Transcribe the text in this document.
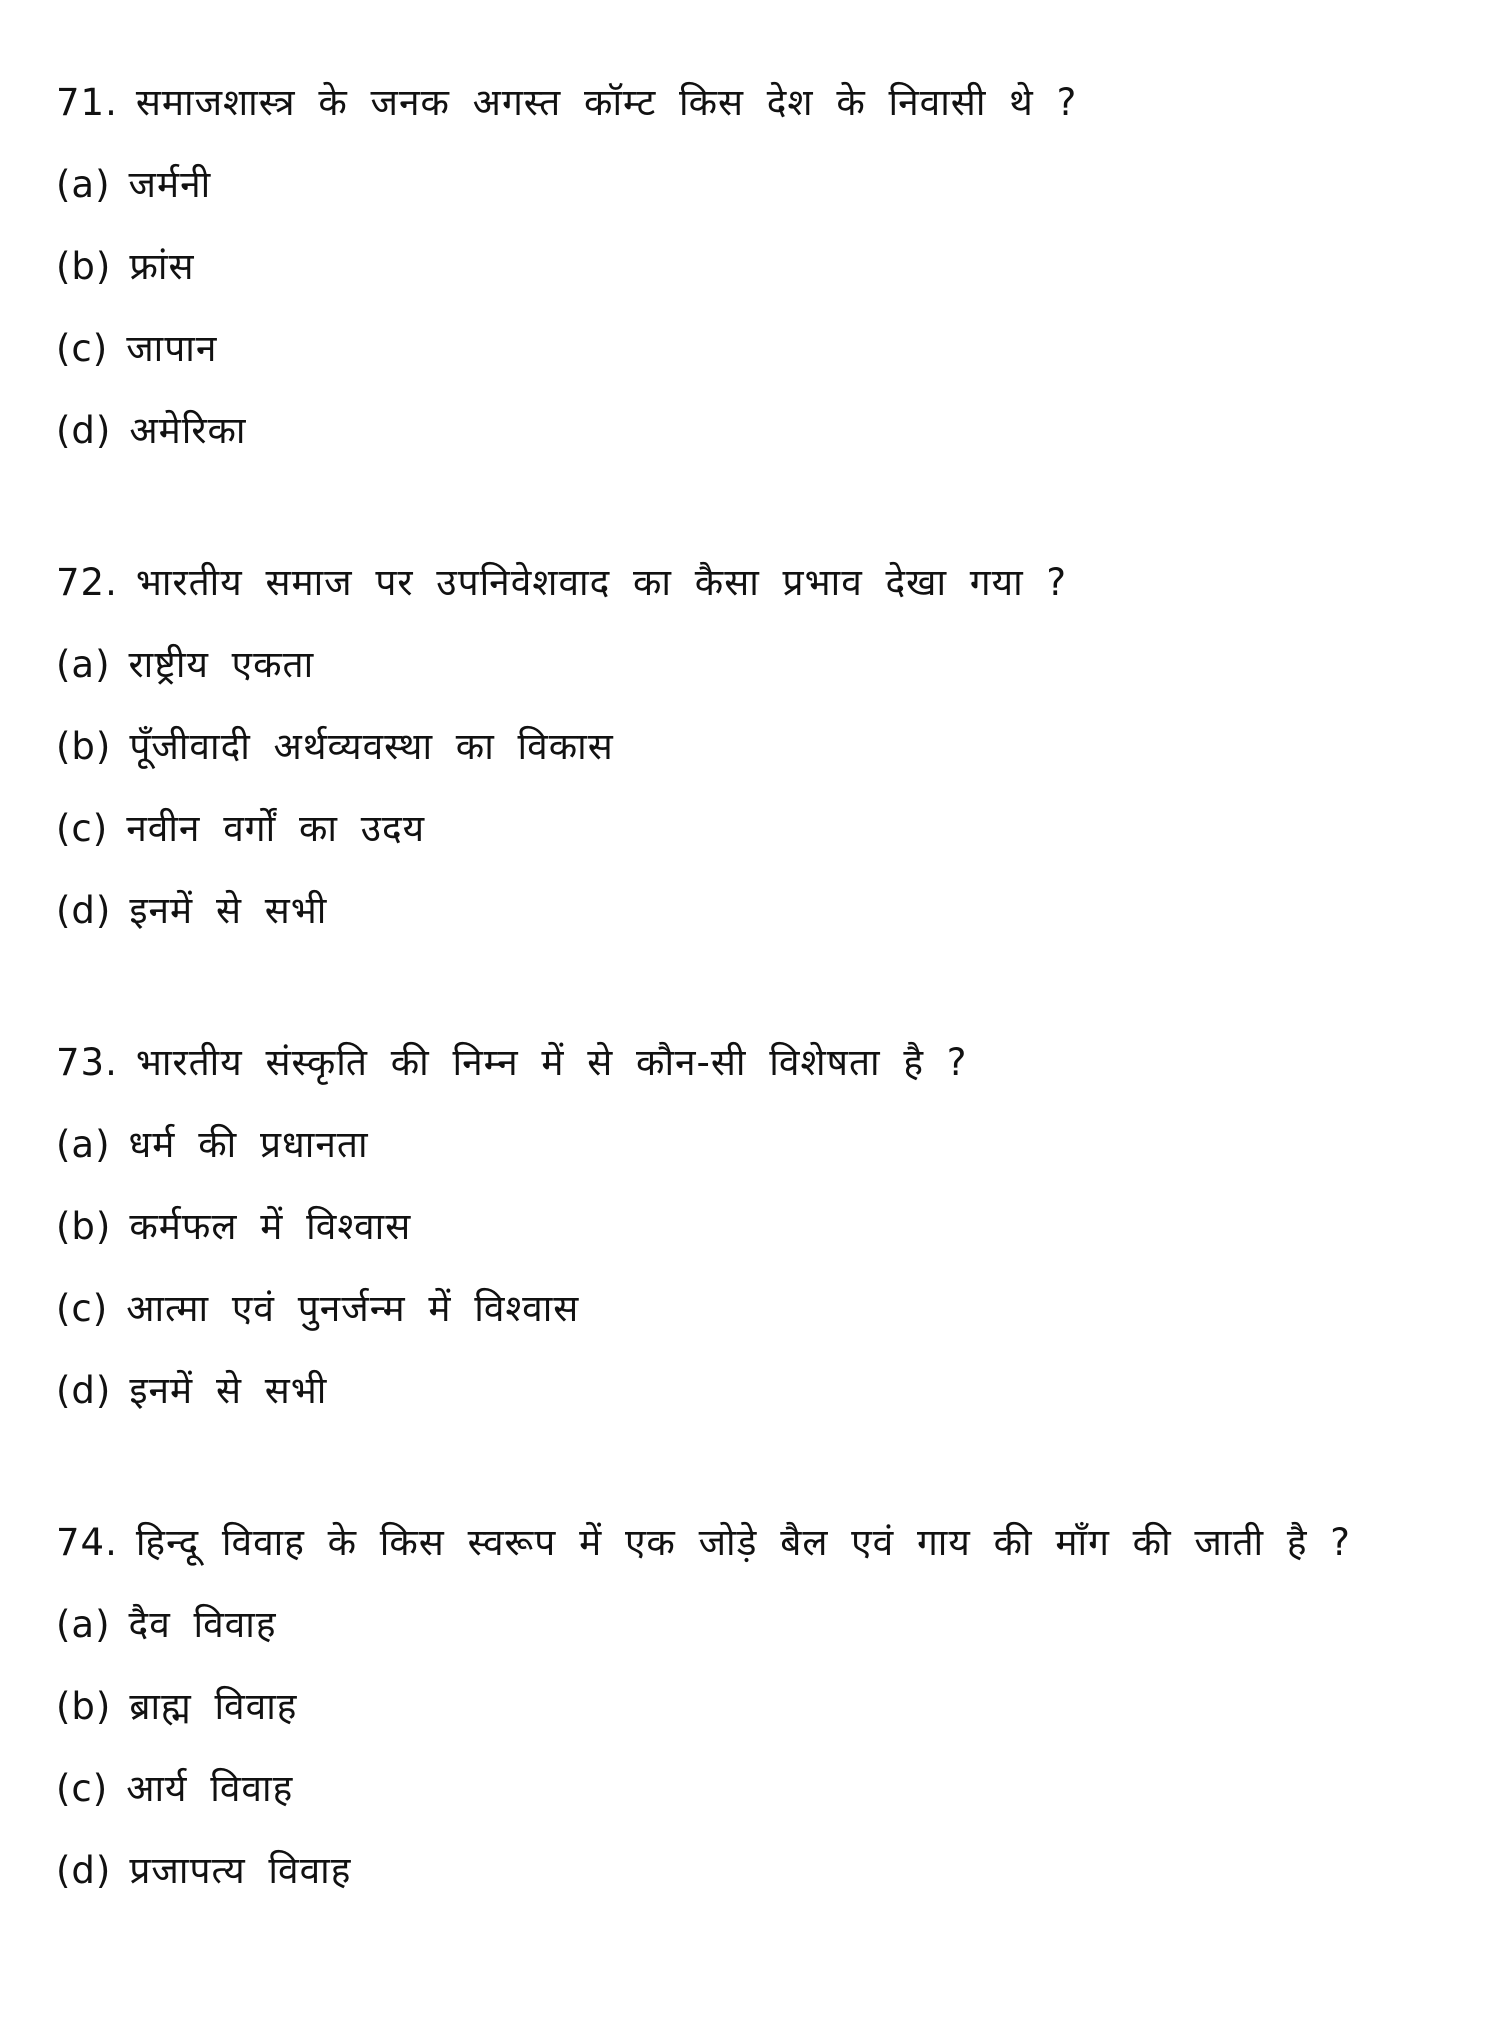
71. समाजशास्त्र के जनक अगस्त कॉम्ट किस देश के निवासी थे ?
(a) जर्मनी
(b) फ्रांस
(c) जापान
(d) अमेरिका
72. भारतीय समाज पर उपनिवेशवाद का कैसा प्रभाव देखा गया ?
(a) राष्ट्रीय एकता
(b) पूँजीवादी अर्थव्यवस्था का विकास
(c) नवीन वर्गों का उदय
(d) इनमें से सभी
73. भारतीय संस्कृति की निम्न में से कौन-सी विशेषता है ?
(a) धर्म की प्रधानता
(b) कर्मफल में विश्वास
(c) आत्मा एवं पुनर्जन्म में विश्वास
(d) इनमें से सभी
74. हिन्दू विवाह के किस स्वरूप में एक जोड़े बैल एवं गाय की माँग की जाती है ?
(a) दैव विवाह
(b) ब्राह्म विवाह
(c) आर्य विवाह
(d) प्रजापत्य विवाह
